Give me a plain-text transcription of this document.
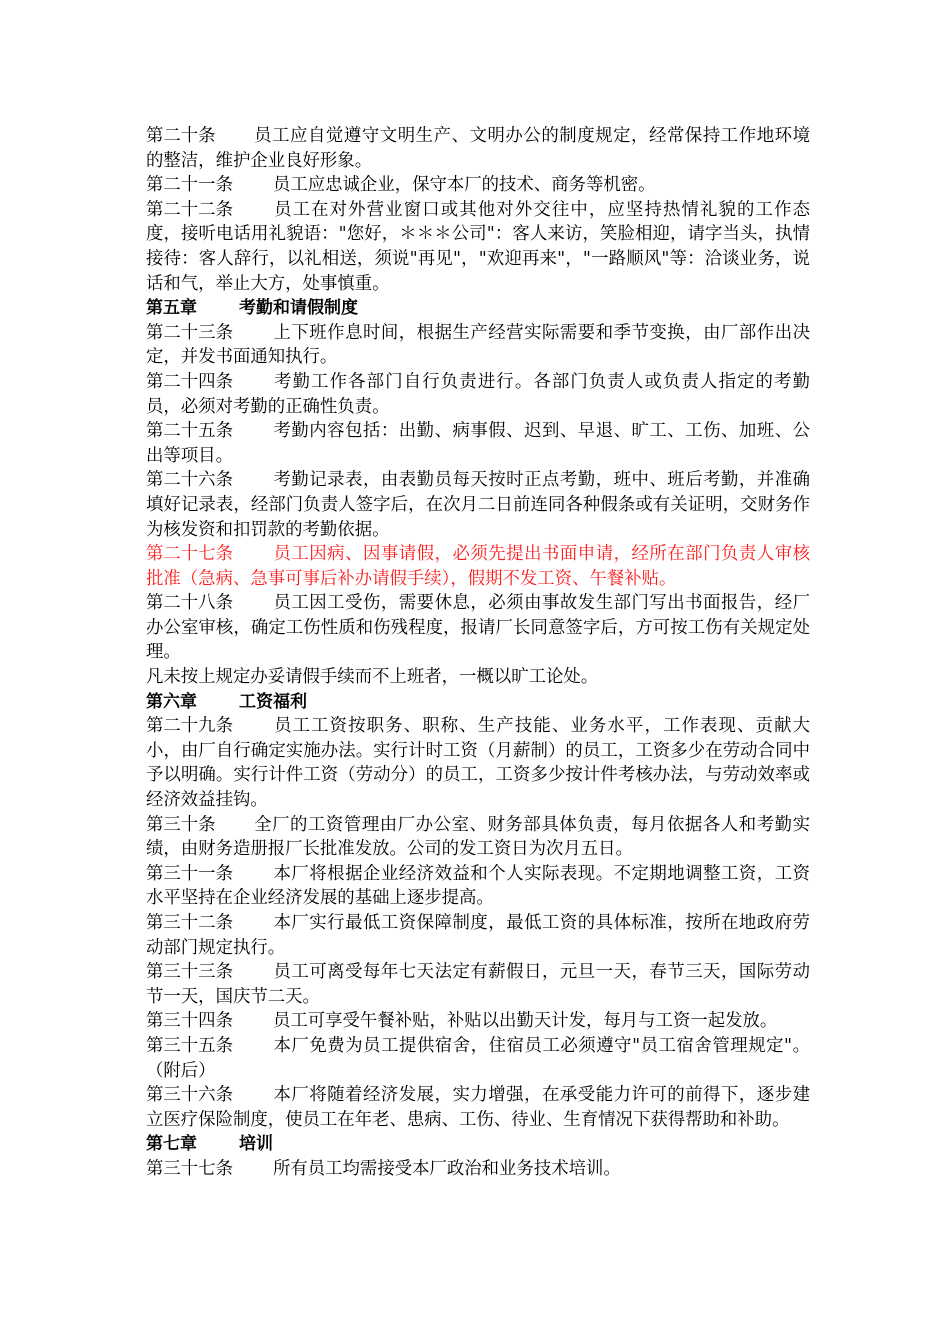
第二十条 员工应自觉遵守文明生产、文明办公的制度规定，经常保持工作地环境的整洁，维护企业良好形象。

第二十一条 员工应忠诚企业，保守本厂的技术、商务等机密。

第二十二条 员工在对外营业窗口或其他对外交往中，应坚持热情礼貌的工作态度，接听电话用礼貌语："您好，＊＊＊公司"：客人来访，笑脸相迎，请字当头，执情接待：客人辞行，以礼相送，须说"再见"，"欢迎再来"，"一路顺风"等：洽谈业务，说话和气，举止大方，处事慎重。

第五章 考勤和请假制度

第二十三条 上下班作息时间，根据生产经营实际需要和季节变换，由厂部作出决定，并发书面通知执行。

第二十四条 考勤工作各部门自行负责进行。各部门负责人或负责人指定的考勤员，必须对考勤的正确性负责。

第二十五条 考勤内容包括：出勤、病事假、迟到、早退、旷工、工伤、加班、公出等项目。

第二十六条 考勤记录表，由表勤员每天按时正点考勤，班中、班后考勤，并准确填好记录表，经部门负责人签字后，在次月二日前连同各种假条或有关证明，交财务作为核发资和扣罚款的考勤依据。

第二十七条 员工因病、因事请假，必须先提出书面申请，经所在部门负责人审核批准（急病、急事可事后补办请假手续），假期不发工资、午餐补贴。

第二十八条 员工因工受伤，需要休息，必须由事故发生部门写出书面报告，经厂办公室审核，确定工伤性质和伤残程度，报请厂长同意签字后，方可按工伤有关规定处理。

凡未按上规定办妥请假手续而不上班者，一概以旷工论处。

第六章 工资福利

第二十九条 员工工资按职务、职称、生产技能、业务水平，工作表现、贡献大小，由厂自行确定实施办法。实行计时工资（月薪制）的员工，工资多少在劳动合同中予以明确。实行计件工资（劳动分）的员工，工资多少按计件考核办法，与劳动效率或经济效益挂钩。

第三十条 全厂的工资管理由厂办公室、财务部具体负责，每月依据各人和考勤实绩，由财务造册报厂长批准发放。公司的发工资日为次月五日。

第三十一条 本厂将根据企业经济效益和个人实际表现。不定期地调整工资，工资水平坚持在企业经济发展的基础上逐步提高。

第三十二条 本厂实行最低工资保障制度，最低工资的具体标准，按所在地政府劳动部门规定执行。

第三十三条 员工可离受每年七天法定有薪假日，元旦一天，春节三天，国际劳动节一天，国庆节二天。

第三十四条 员工可享受午餐补贴，补贴以出勤天计发，每月与工资一起发放。

第三十五条 本厂免费为员工提供宿舍，住宿员工必须遵守"员工宿舍管理规定"。（附后）

第三十六条 本厂将随着经济发展，实力增强，在承受能力许可的前得下，逐步建立医疗保险制度，使员工在年老、患病、工伤、待业、生育情况下获得帮助和补助。

第七章 培训

第三十七条 所有员工均需接受本厂政治和业务技术培训。
